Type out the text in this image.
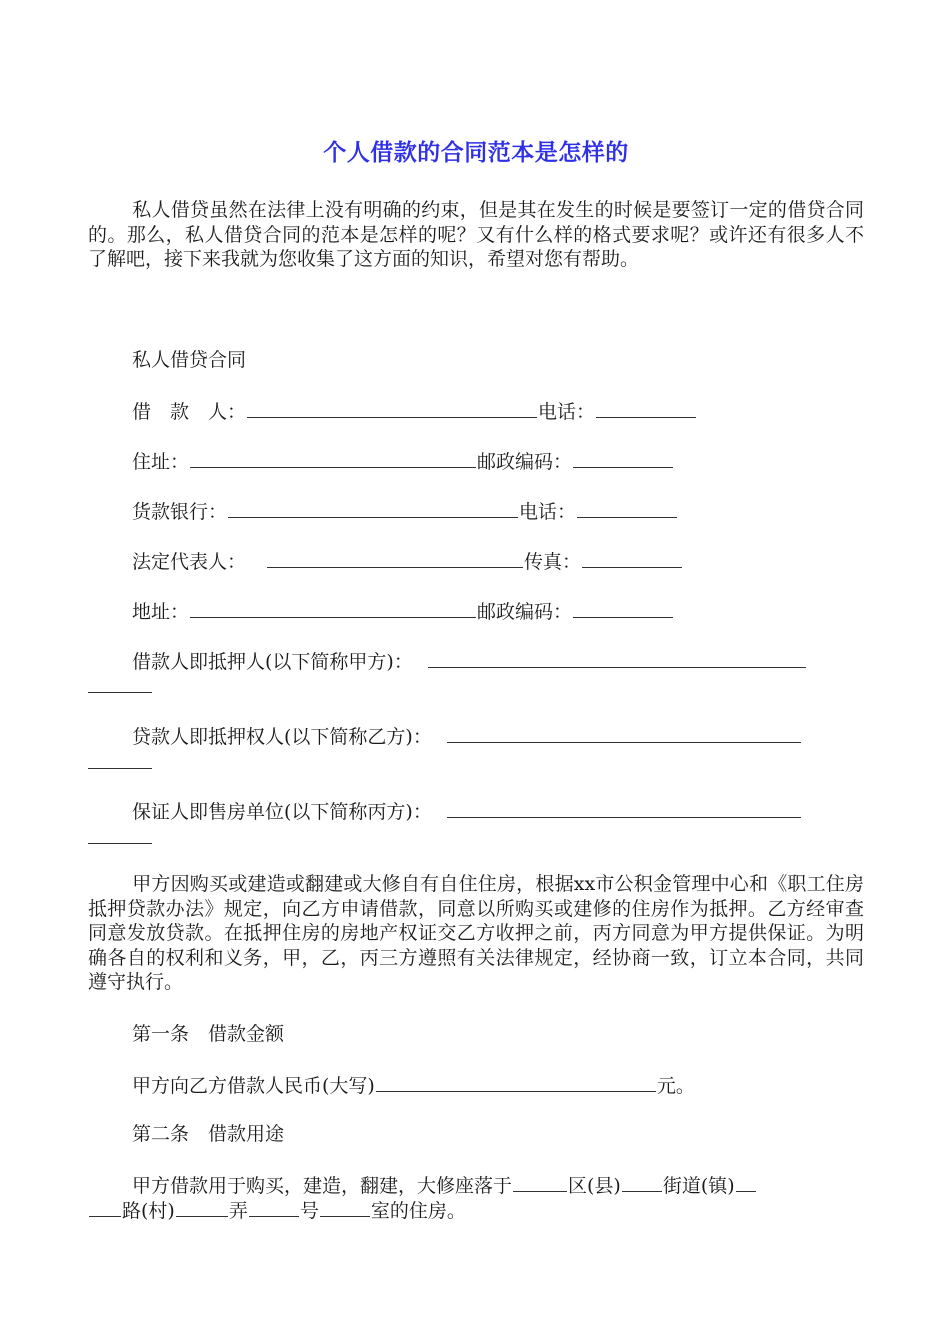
个人借款的合同范本是怎样的

私人借贷虽然在法律上没有明确的约束，但是其在发生的时候是要签订一定的借贷合同的。那么，私人借贷合同的范本是怎样的呢？又有什么样的格式要求呢？或许还有很多人不了解吧，接下来我就为您收集了这方面的知识，希望对您有帮助。

私人借贷合同
借　款　人：	电话：
住址：	邮政编码：
货款银行：	电话：
法定代表人：	传真：
地址：	邮政编码：
借款人即抵押人(以下简称甲方)：
贷款人即抵押权人(以下简称乙方)：
保证人即售房单位(以下简称丙方)：

甲方因购买或建造或翻建或大修自有自住住房，根据xx市公积金管理中心和《职工住房抵押贷款办法》规定，向乙方申请借款，同意以所购买或建修的住房作为抵押。乙方经审查同意发放贷款。在抵押住房的房地产权证交乙方收押之前，丙方同意为甲方提供保证。为明确各自的权利和义务，甲，乙，丙三方遵照有关法律规定，经协商一致，订立本合同，共同遵守执行。

第一条　借款金额
甲方向乙方借款人民币(大写)	元。
第二条　借款用途
甲方借款用于购买，建造，翻建，大修座落于	区(县) 街道(镇)
路(村)	弄	号	室的住房。
